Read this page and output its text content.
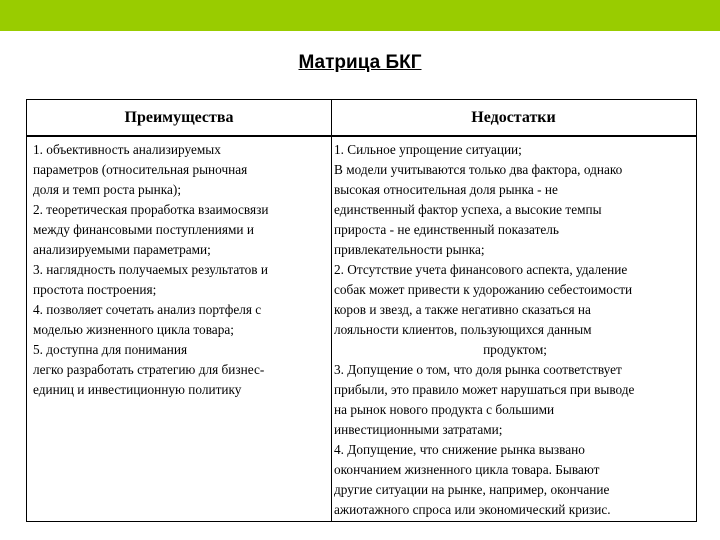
Матрица БКГ
Преимущества	Недостатки
1. объективность анализируемых
параметров (относительная рыночная
доля и темп роста рынка);
2. теоретическая проработка взаимосвязи
между финансовыми поступлениями и
анализируемыми параметрами;
3. наглядность получаемых результатов и
простота построения;
4. позволяет сочетать анализ портфеля с
моделью жизненного цикла товара;
5. доступна для понимания
легко разработать стратегию для бизнес-
единиц и инвестиционную политику
1. Сильное упрощение ситуации;
В модели учитываются только два фактора, однако
высокая относительная доля рынка - не
единственный фактор успеха, а высокие темпы
прироста - не единственный показатель
привлекательности рынка;
2. Отсутствие учета финансового аспекта, удаление
собак может привести к удорожанию себестоимости
коров и звезд, а также негативно сказаться на
лояльности клиентов, пользующихся данным
продуктом;
3. Допущение о том, что доля рынка соответствует
прибыли, это правило может нарушаться при выводе
на рынок нового продукта с большими
инвестиционными затратами;
4. Допущение, что снижение рынка вызвано
окончанием жизненного цикла товара. Бывают
другие ситуации на рынке, например, окончание
ажиотажного спроса или экономический кризис.
